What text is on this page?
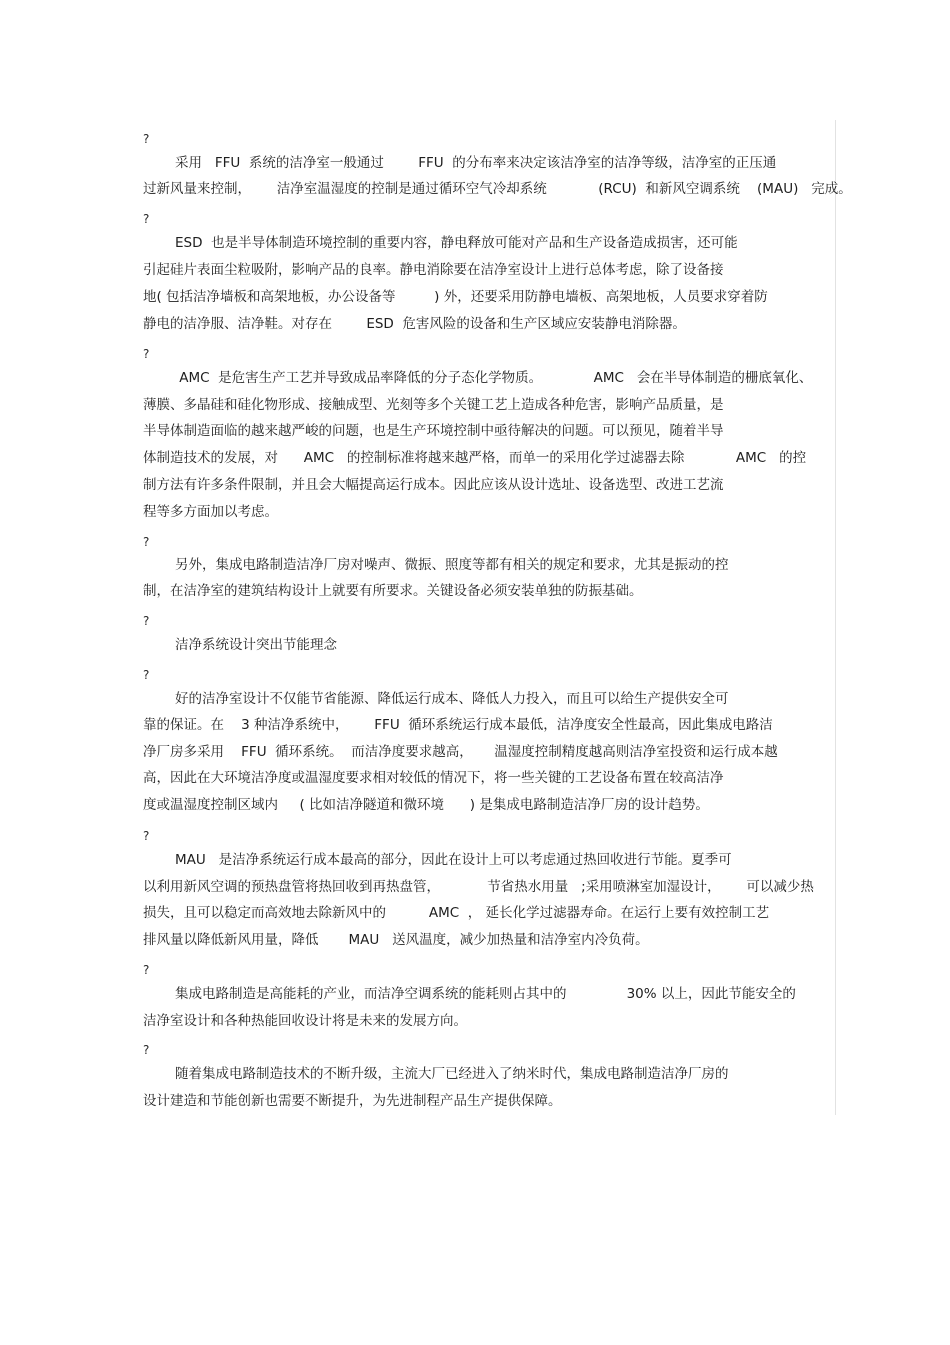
?

采用   FFU  系统的洁净室一般通过        FFU  的分布率来决定该洁净室的洁净等级，洁净室的正压通

过新风量来控制，      洁净室温湿度的控制是通过循环空气冷却系统            (RCU)  和新风空调系统    (MAU)   完成。

?

ESD  也是半导体制造环境控制的重要内容，静电释放可能对产品和生产设备造成损害，还可能

引起硅片表面尘粒吸附，影响产品的良率。静电消除要在洁净室设计上进行总体考虑，除了设备接

地( 包括洁净墙板和高架地板，办公设备等         ) 外，还要采用防静电墙板、高架地板，人员要求穿着防

静电的洁净服、洁净鞋。对存在        ESD  危害风险的设备和生产区域应安装静电消除器。

?

AMC  是危害生产工艺并导致成品率降低的分子态化学物质。            AMC   会在半导体制造的栅底氧化、

薄膜、多晶硅和硅化物形成、接触成型、光刻等多个关键工艺上造成各种危害，影响产品质量，是

半导体制造面临的越来越严峻的问题，也是生产环境控制中亟待解决的问题。可以预见，随着半导

体制造技术的发展，对      AMC   的控制标准将越来越严格，而单一的采用化学过滤器去除            AMC   的控

制方法有许多条件限制，并且会大幅提高运行成本。因此应该从设计选址、设备选型、改进工艺流

程等多方面加以考虑。

?

另外，集成电路制造洁净厂房对噪声、微振、照度等都有相关的规定和要求，尤其是振动的控

制，在洁净室的建筑结构设计上就要有所要求。关键设备必须安装单独的防振基础。

?

洁净系统设计突出节能理念

?

好的洁净室设计不仅能节省能源、降低运行成本、降低人力投入，而且可以给生产提供安全可

靠的保证。在    3 种洁净系统中，      FFU  循环系统运行成本最低，洁净度安全性最高，因此集成电路洁

净厂房多采用    FFU  循环系统。  而洁净度要求越高，     温湿度控制精度越高则洁净室投资和运行成本越

高，因此在大环境洁净度或温湿度要求相对较低的情况下，将一些关键的工艺设备布置在较高洁净

度或温湿度控制区域内     ( 比如洁净隧道和微环境      ) 是集成电路制造洁净厂房的设计趋势。

?

MAU   是洁净系统运行成本最高的部分，因此在设计上可以考虑通过热回收进行节能。夏季可

以利用新风空调的预热盘管将热回收到再热盘管，           节省热水用量   ;采用喷淋室加湿设计，      可以减少热

损失，且可以稳定而高效地去除新风中的          AMC  ， 延长化学过滤器寿命。在运行上要有效控制工艺

排风量以降低新风用量，降低       MAU   送风温度，减少加热量和洁净室内冷负荷。

?

集成电路制造是高能耗的产业，而洁净空调系统的能耗则占其中的              30% 以上，因此节能安全的

洁净室设计和各种热能回收设计将是未来的发展方向。

?

随着集成电路制造技术的不断升级，主流大厂已经进入了纳米时代，集成电路制造洁净厂房的

设计建造和节能创新也需要不断提升，为先进制程产品生产提供保障。
